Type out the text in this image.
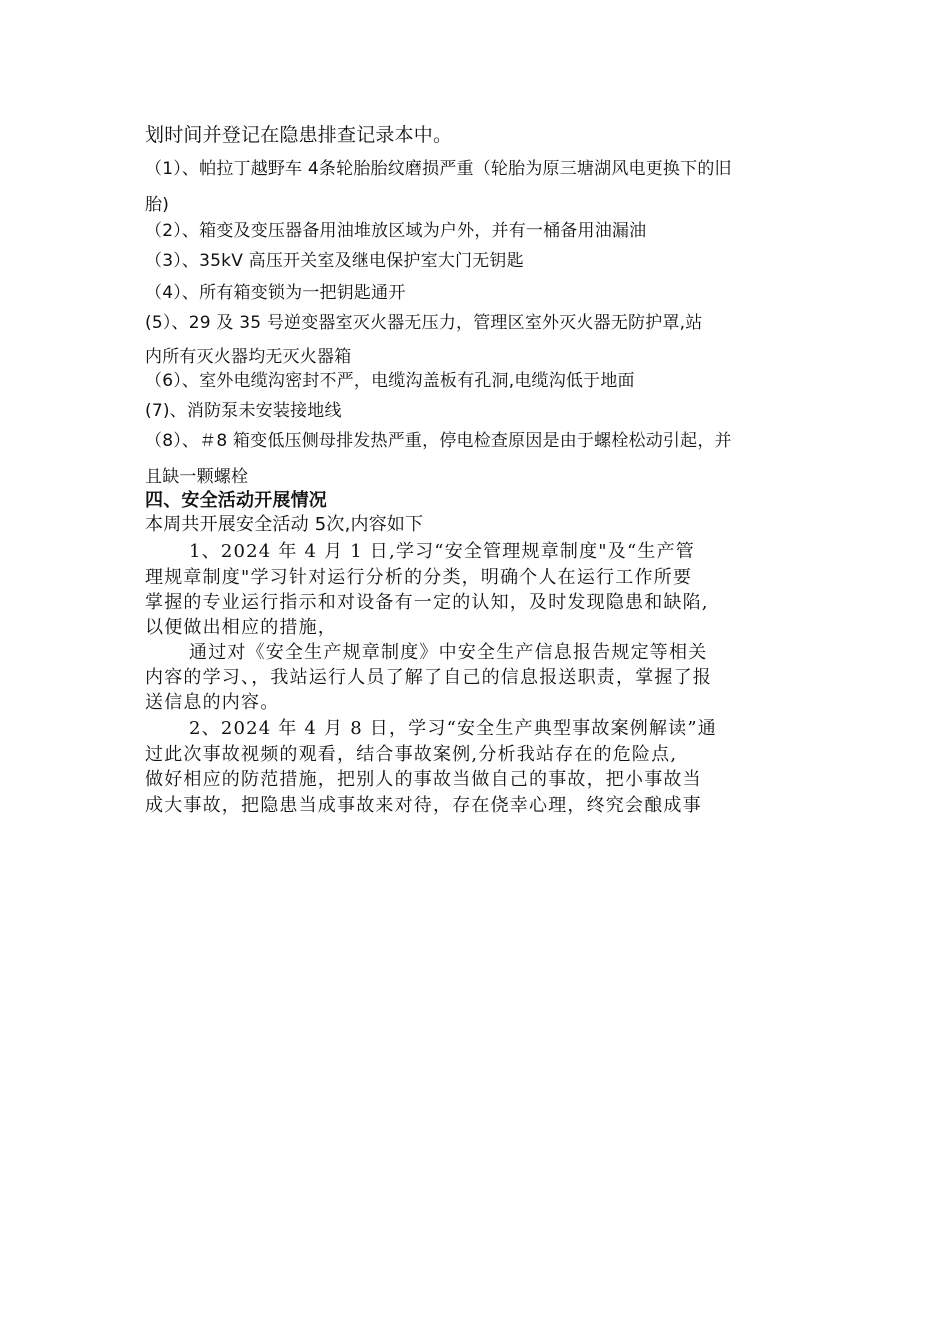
划时间并登记在隐患排查记录本中。
（1）、帕拉丁越野车 4条轮胎胎纹磨损严重（轮胎为原三塘湖风电更换下的旧
胎)
（2）、箱变及变压器备用油堆放区域为户外，并有一桶备用油漏油
（3）、35kV 高压开关室及继电保护室大门无钥匙
（4）、所有箱变锁为一把钥匙通开
(5）、29 及 35 号逆变器室灭火器无压力，管理区室外灭火器无防护罩,站
内所有灭火器均无灭火器箱
（6）、室外电缆沟密封不严，电缆沟盖板有孔洞,电缆沟低于地面
(7)、消防泵未安装接地线
（8）、＃8 箱变低压侧母排发热严重，停电检查原因是由于螺栓松动引起，并
且缺一颗螺栓
四、安全活动开展情况
本周共开展安全活动 5次,内容如下
1、2024 年 4 月 1 日,学习“安全管理规章制度"及“生产管
理规章制度"学习针对运行分析的分类，明确个人在运行工作所要
掌握的专业运行指示和对设备有一定的认知，及时发现隐患和缺陷,
以便做出相应的措施，
通过对《安全生产规章制度》中安全生产信息报告规定等相关
内容的学习、，我站运行人员了解了自己的信息报送职责，掌握了报
送信息的内容。
2、2024 年 4 月 8 日，学习“安全生产典型事故案例解读”通
过此次事故视频的观看，结合事故案例,分析我站存在的危险点,
做好相应的防范措施，把别人的事故当做自己的事故，把小事故当
成大事故，把隐患当成事故来对待，存在侥幸心理，终究会酿成事
